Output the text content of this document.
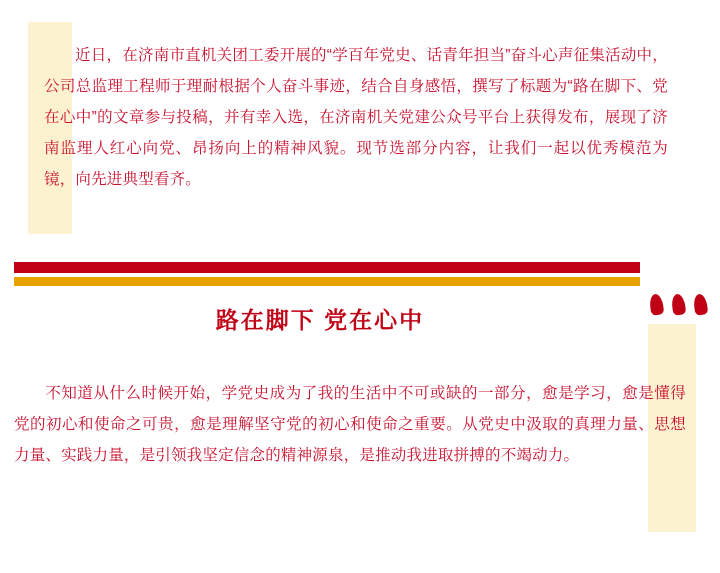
近日，在济南市直机关团工委开展的“学百年党史、话青年担当”奋斗心声征集活动中，公司总监理工程师于理耐根据个人奋斗事迹，结合自身感悟，撰写了标题为“路在脚下、党在心中”的文章参与投稿，并有幸入选，在济南机关党建公众号平台上获得发布，展现了济南监理人红心向党、昂扬向上的精神风貌。现节选部分内容，让我们一起以优秀模范为镜，向先进典型看齐。
路在脚下 党在心中
不知道从什么时候开始，学党史成为了我的生活中不可或缺的一部分，愈是学习，愈是懂得党的初心和使命之可贵，愈是理解坚守党的初心和使命之重要。从党史中汲取的真理力量、思想力量、实践力量，是引领我坚定信念的精神源泉，是推动我进取拼搏的不竭动力。
